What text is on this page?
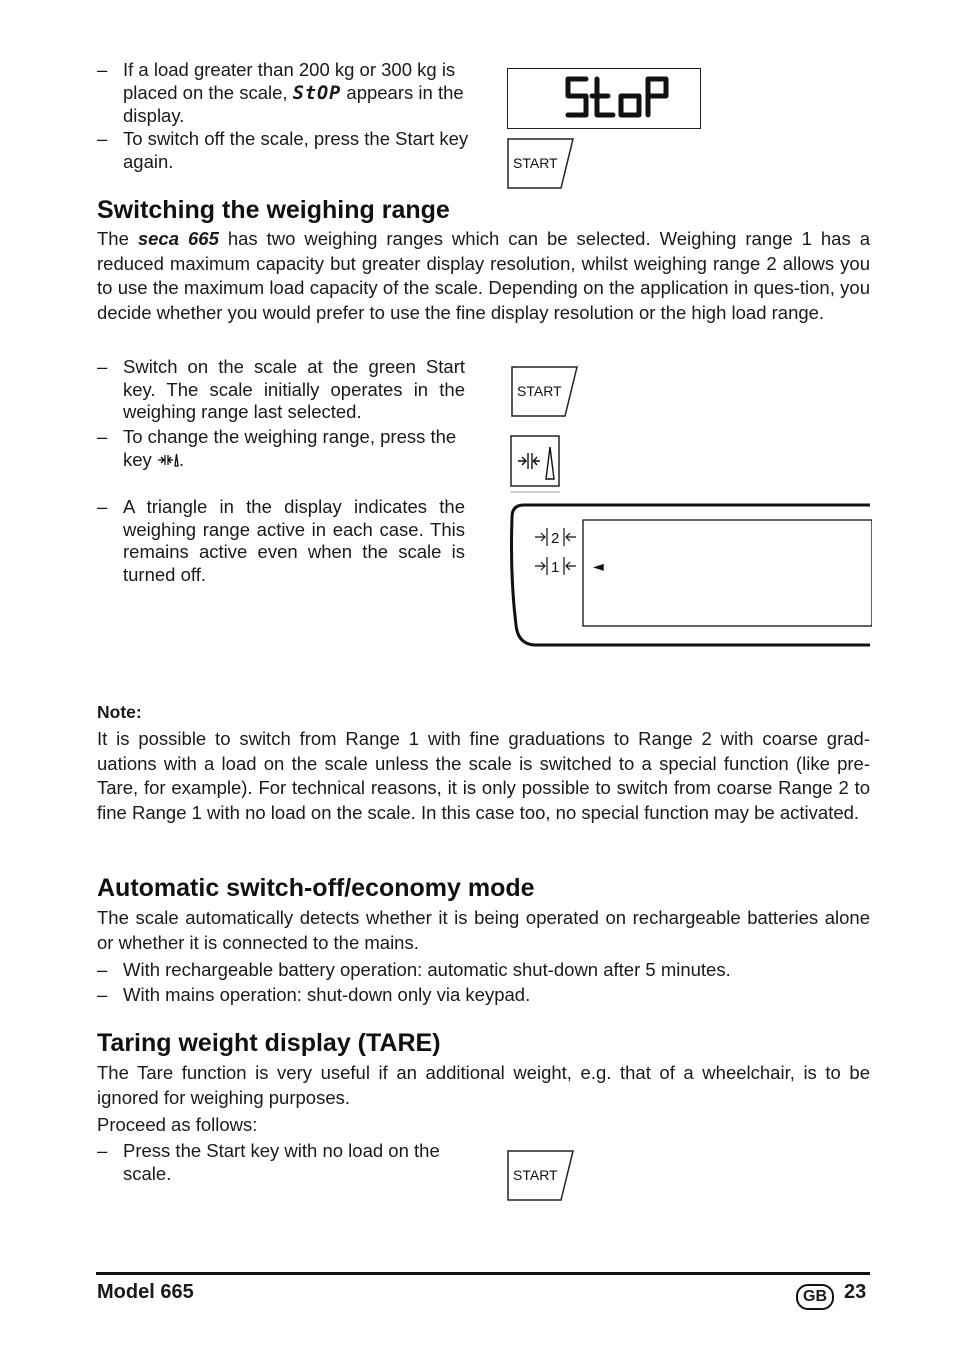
– If a load greater than 200 kg or 300 kg is placed on the scale, StOP appears in the display.
– To switch off the scale, press the Start key again.	START
Switching the weighing range

The seca 665 has two weighing ranges which can be selected. Weighing range 1 has a reduced maximum capacity but greater display resolution, whilst weighing range 2 allows you to use the maximum load capacity of the scale. Depending on the application in ques-tion, you decide whether you would prefer to use the fine display resolution or the high load range.

– Switch on the scale at the green Start key. The scale initially operates in the weighing range last selected.
– To change the weighing range, press the key .
– A triangle in the display indicates the weighing range active in each case. This remains active even when the scale is turned off.
START
2
1 ◄
Note:

It is possible to switch from Range 1 with fine graduations to Range 2 with coarse grad-uations with a load on the scale unless the scale is switched to a special function (like pre-Tare, for example). For technical reasons, it is only possible to switch from coarse Range 2 to fine Range 1 with no load on the scale. In this case too, no special function may be activated.

Automatic switch-off/economy mode

The scale automatically detects whether it is being operated on rechargeable batteries alone or whether it is connected to the mains.

– With rechargeable battery operation: automatic shut-down after 5 minutes.
– With mains operation: shut-down only via keypad.
Taring weight display (TARE)

The Tare function is very useful if an additional weight, e.g. that of a wheelchair, is to be ignored for weighing purposes.

Proceed as follows:
– Press the Start key with no load on the scale.	START
Model 665	GB 23
